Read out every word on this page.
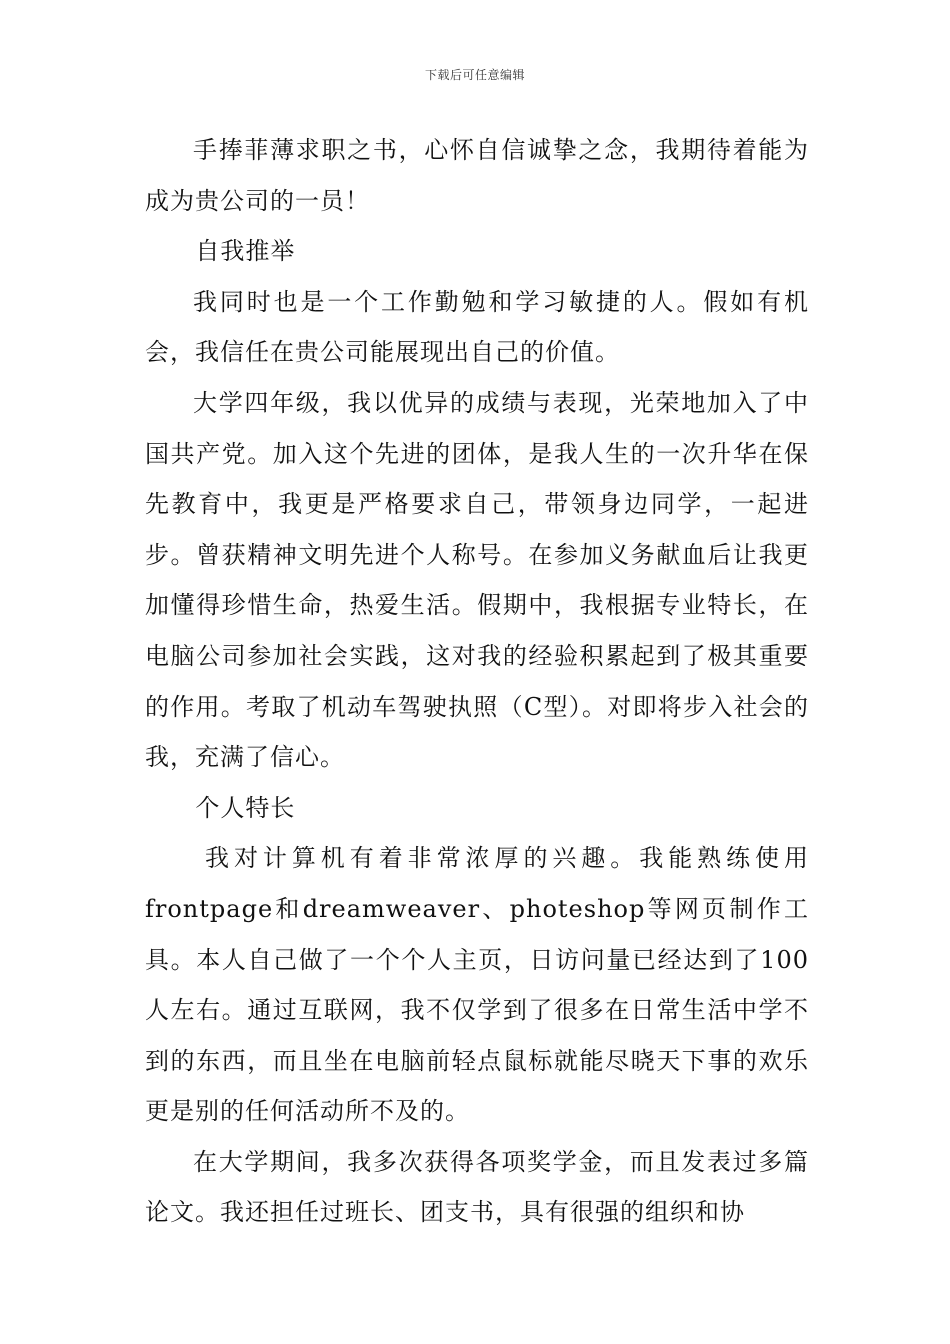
下载后可任意编辑

手捧菲薄求职之书，心怀自信诚挚之念，我期待着能为成为贵公司的一员！

自我推举

我同时也是一个工作勤勉和学习敏捷的人。假如有机会，我信任在贵公司能展现出自己的价值。

大学四年级，我以优异的成绩与表现，光荣地加入了中国共产党。加入这个先进的团体，是我人生的一次升华在保先教育中，我更是严格要求自己，带领身边同学，一起进步。曾获精神文明先进个人称号。在参加义务献血后让我更加懂得珍惜生命，热爱生活。假期中，我根据专业特长，在电脑公司参加社会实践，这对我的经验积累起到了极其重要的作用。考取了机动车驾驶执照（C型）。对即将步入社会的我，充满了信心。

个人特长

我对计算机有着非常浓厚的兴趣。我能熟练使用frontpage和dreamweaver、photeshop等网页制作工具。本人自己做了一个个人主页，日访问量已经达到了100人左右。通过互联网，我不仅学到了很多在日常生活中学不到的东西，而且坐在电脑前轻点鼠标就能尽晓天下事的欢乐更是别的任何活动所不及的。

在大学期间，我多次获得各项奖学金，而且发表过多篇论文。我还担任过班长、团支书，具有很强的组织和协
